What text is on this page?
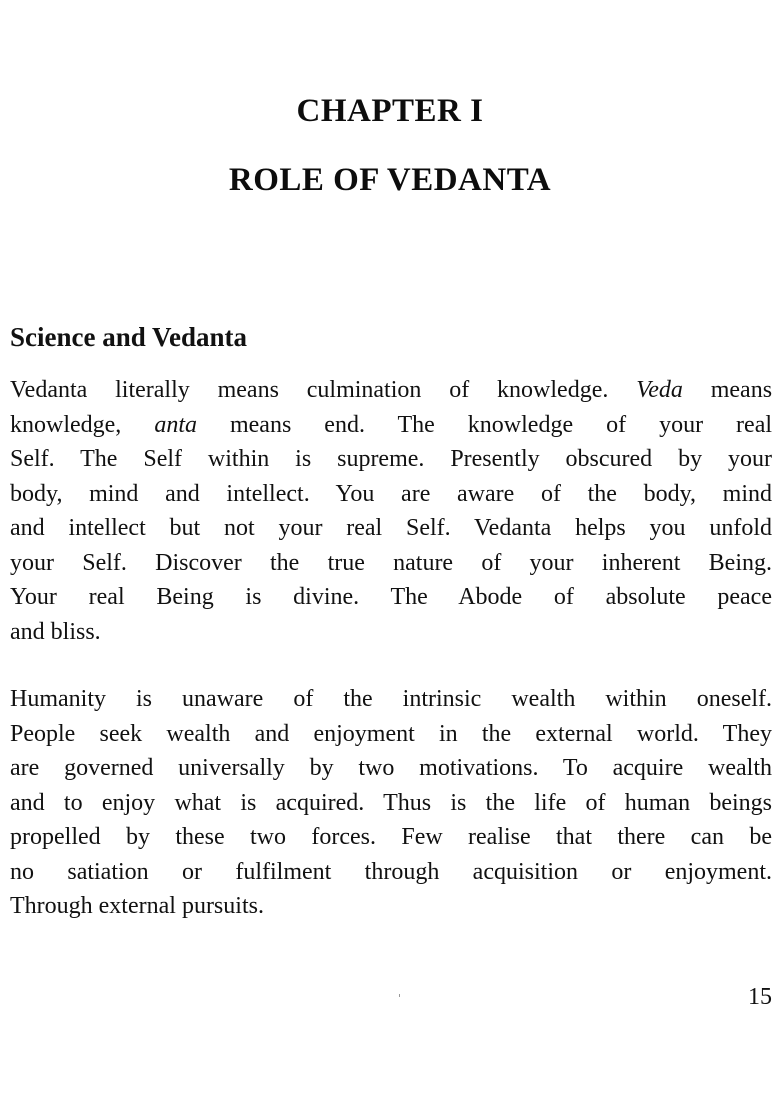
CHAPTER I
ROLE OF VEDANTA
Science and Vedanta
Vedanta literally means culmination of knowledge. Veda means
knowledge, anta means end. The knowledge of your real
Self. The Self within is supreme. Presently obscured by your
body, mind and intellect. You are aware of the body, mind
and intellect but not your real Self. Vedanta helps you unfold
your Self. Discover the true nature of your inherent Being.
Your real Being is divine. The Abode of absolute peace
and bliss.
Humanity is unaware of the intrinsic wealth within oneself.
People seek wealth and enjoyment in the external world. They
are governed universally by two motivations. To acquire wealth
and to enjoy what is acquired. Thus is the life of human beings
propelled by these two forces. Few realise that there can be
no satiation or fulfilment through acquisition or enjoyment.
Through external pursuits.
15
